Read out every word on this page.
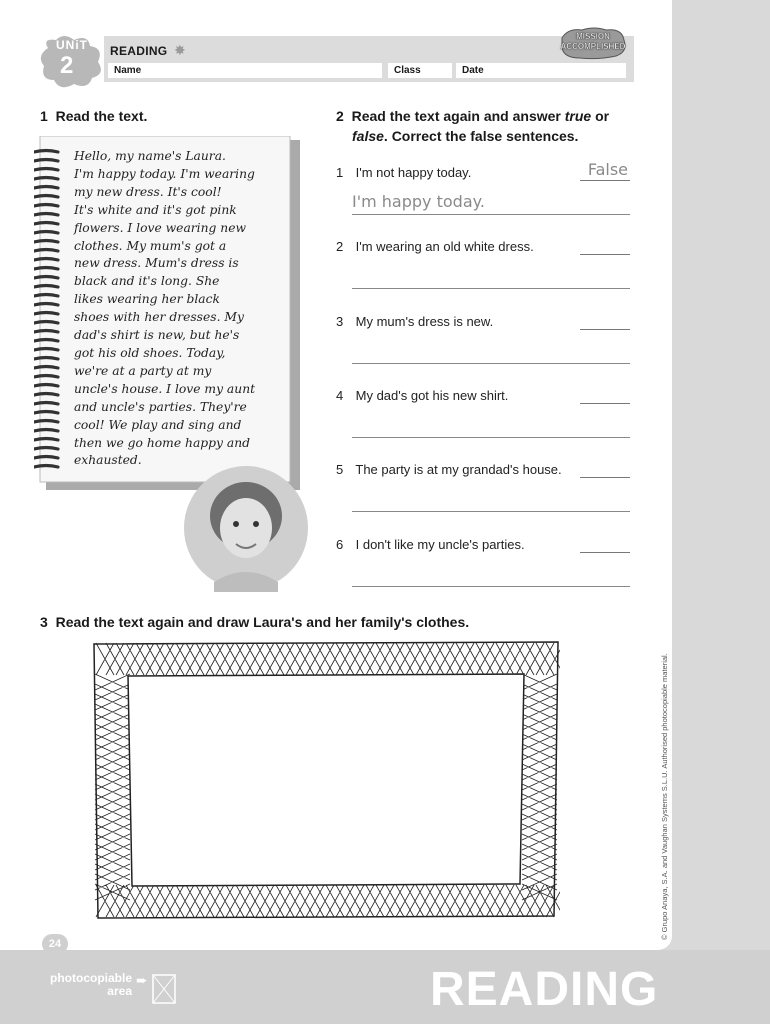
UNiT
2
READING ✸
Name	Class	Date
MISSION
ACCOMPLISHED
1 Read the text.

Hello, my name's Laura.

I'm happy today. I'm wearing

my new dress. It's cool!

It's white and it's got pink

flowers. I love wearing new

clothes. My mum's got a

new dress. Mum's dress is

black and it's long. She

likes wearing her black

shoes with her dresses. My

dad's shirt is new, but he's

got his old shoes. Today,

we're at a party at my

uncle's house. I love my aunt

and uncle's parties. They're

cool! We play and sing and

then we go home happy and

exhausted.

2 Read the text again and answer true or
false. Correct the false sentences.
1 I'm not happy today.	False
I'm happy today.
2 I'm wearing an old white dress.
3 My mum's dress is new.
4 My dad's got his new shirt.
5 The party is at my grandad's house.
6 I don't like my uncle's parties.
3 Read the text again and draw Laura's and her family's clothes.
© Grupo Anaya, S.A. and Vaughan Systems S.L.U. Authorised photocopiable material.
24
photocopiable
area
➨	READING
